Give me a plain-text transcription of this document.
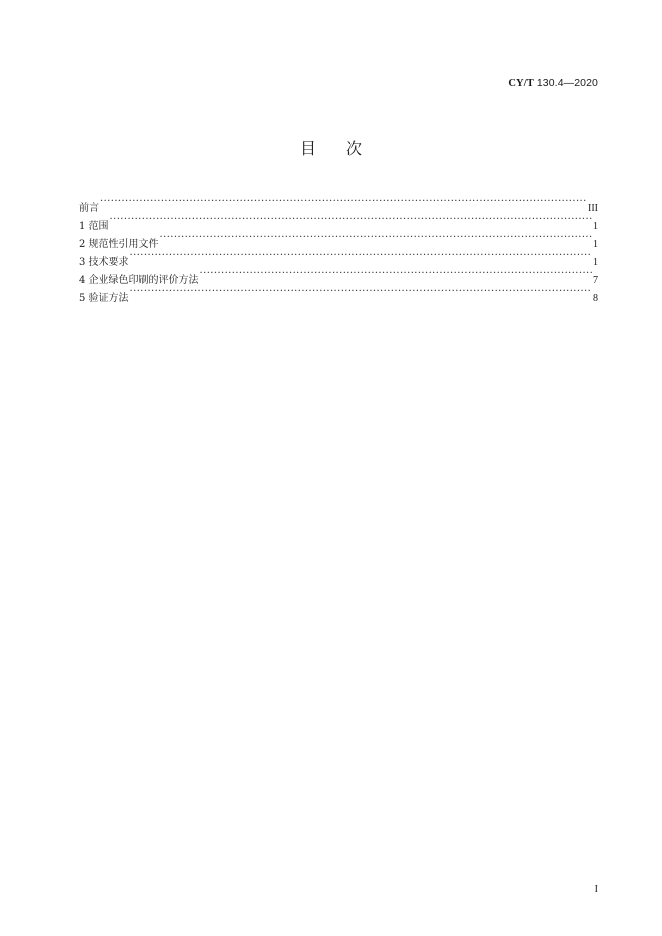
CY/T 130.4—2020
目 次
前言 ·····	III
1 范围 ·····	1
2 规范性引用文件 ·····	1
3 技术要求 ·····	1
4 企业绿色印刷的评价方法 ·····	7
5 验证方法 ·····	8
I
